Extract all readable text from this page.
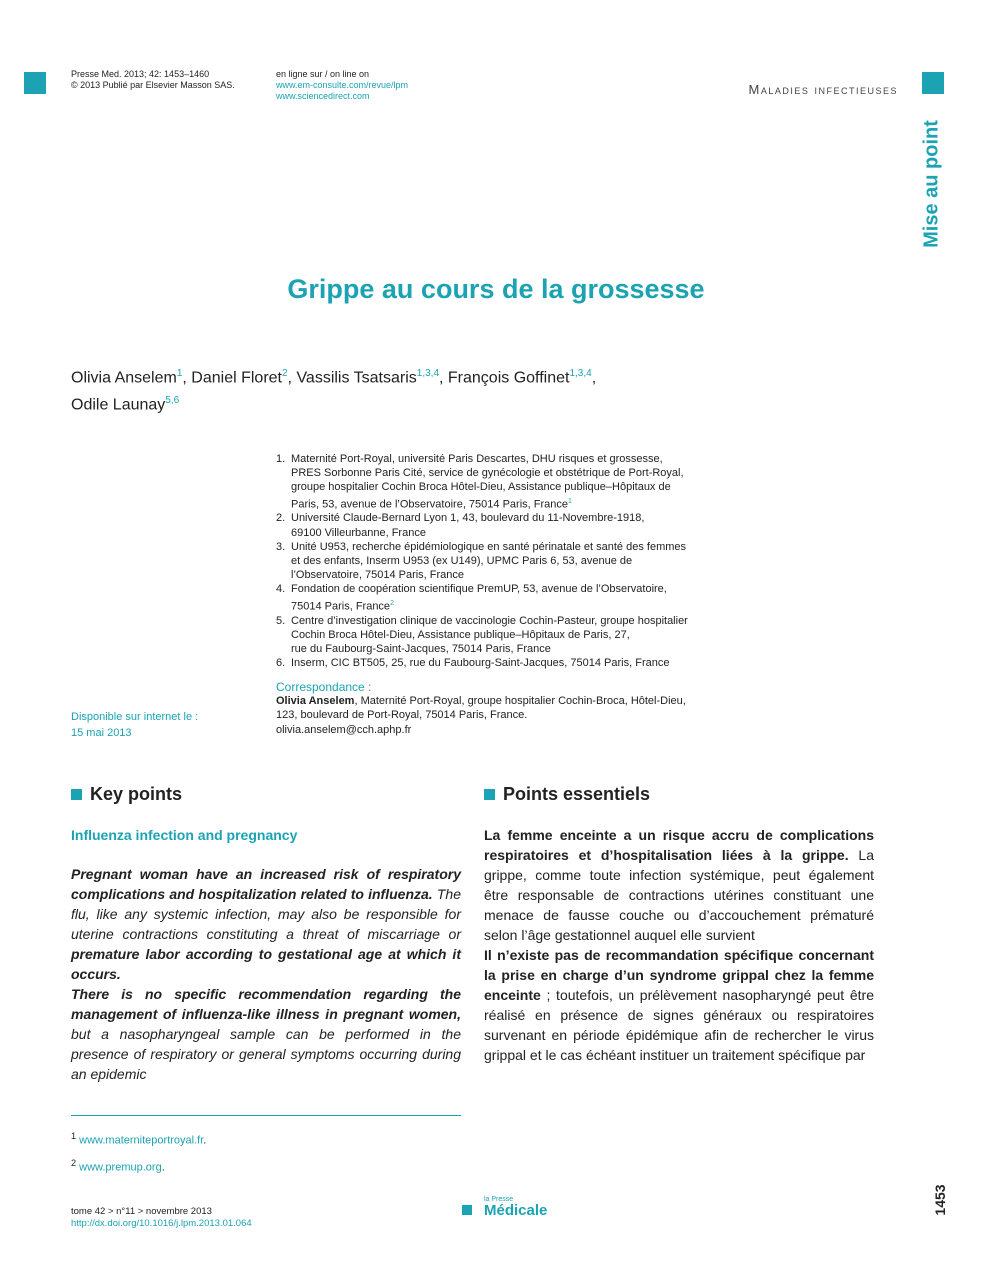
Presse Med. 2013; 42: 1453–1460
© 2013 Publié par Elsevier Masson SAS.
en ligne sur / on line on
www.em-consulte.com/revue/lpm
www.sciencedirect.com	Maladies infectieuses
Mise au point
Grippe au cours de la grossesse
Olivia Anselem$^1$, Daniel Floret$^2$, Vassilis Tsatsaris$^{1,3,4}$, François Goffinet$^{1,3,4}$,
Odile Launay$^{5,6}$
1. Maternité Port-Royal, université Paris Descartes, DHU risques et grossesse,
PRES Sorbonne Paris Cité, service de gynécologie et obstétrique de Port-Royal,
groupe hospitalier Cochin Broca Hôtel-Dieu, Assistance publique–Hôpitaux de
Paris, 53, avenue de l’Observatoire, 75014 Paris, France$^1$
2. Université Claude-Bernard Lyon 1, 43, boulevard du 11-Novembre-1918,
69100 Villeurbanne, France
3. Unité U953, recherche épidémiologique en santé périnatale et santé des femmes
et des enfants, Inserm U953 (ex U149), UPMC Paris 6, 53, avenue de
l’Observatoire, 75014 Paris, France
4. Fondation de coopération scientifique PremUP, 53, avenue de l’Observatoire,
75014 Paris, France$^2$
5. Centre d’investigation clinique de vaccinologie Cochin-Pasteur, groupe hospitalier
Cochin Broca Hôtel-Dieu, Assistance publique–Hôpitaux de Paris, 27,
rue du Faubourg-Saint-Jacques, 75014 Paris, France
6. Inserm, CIC BT505, 25, rue du Faubourg-Saint-Jacques, 75014 Paris, France
Correspondance :
Olivia Anselem, Maternité Port-Royal, groupe hospitalier Cochin-Broca, Hôtel-Dieu,
123, boulevard de Port-Royal, 75014 Paris, France.
olivia.anselem@cch.aphp.fr
Disponible sur internet le :
15 mai 2013
Key points	Points essentiels
Influenza infection and pregnancy

Pregnant woman have an increased risk of respiratory complications and hospitalization related to influenza. The flu, like any systemic infection, may also be responsible for uterine contractions constituting a threat of miscarriage or premature labor according to gestational age at which it occurs.

There is no specific recommendation regarding the management of influenza-like illness in pregnant women, but a nasopharyngeal sample can be performed in the presence of respiratory or general symptoms occurring during an epidemic

La femme enceinte a un risque accru de complications respiratoires et d’hospitalisation liées à la grippe. La grippe, comme toute infection systémique, peut également être responsable de contractions utérines constituant une menace de fausse couche ou d’accouchement prématuré selon l’âge gestationnel auquel elle survient

Il n’existe pas de recommandation spécifique concernant la prise en charge d’un syndrome grippal chez la femme enceinte ; toutefois, un prélèvement nasopharyngé peut être réalisé en présence de signes généraux ou respiratoires survenant en période épidémique afin de rechercher le virus grippal et le cas échéant instituer un traitement spécifique par

$^1$ www.materniteportroyal.fr.
$^2$ www.premup.org.
tome 42 > n°11 > novembre 2013
http://dx.doi.org/10.1016/j.lpm.2013.01.064
la Presse
Médicale	1453
